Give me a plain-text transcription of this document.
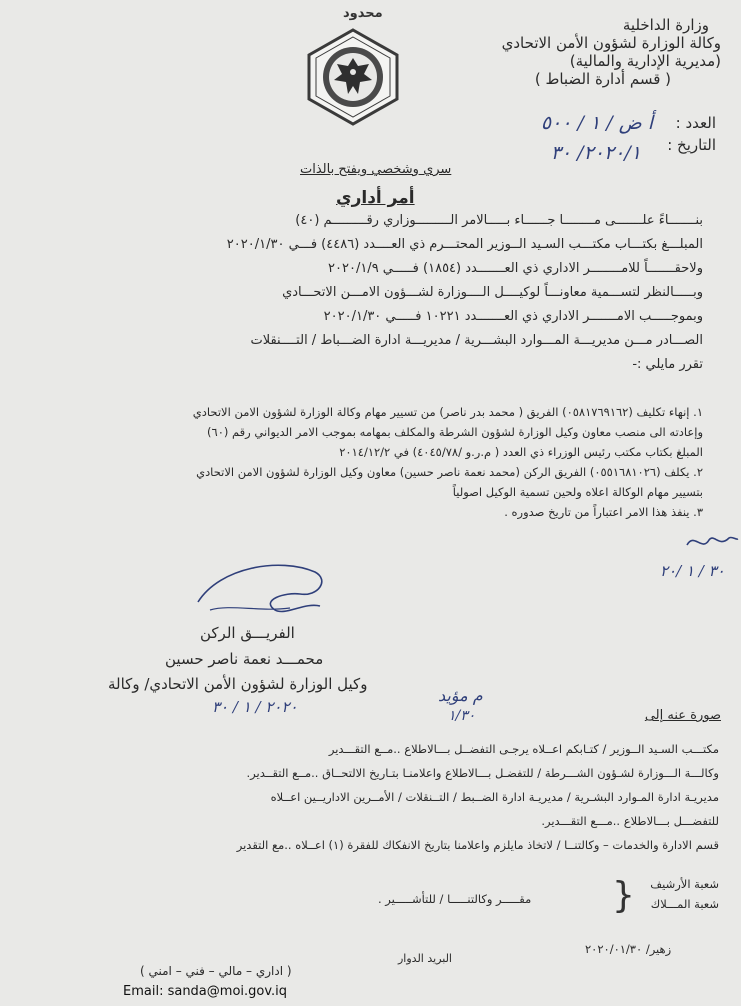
وزارة الداخلية
وكالة الوزارة لشؤون الأمن الاتحادي
(مديرية الإدارية والمالية)
( قسم أدارة الضباط )
العدد :
أ ض / ١ / ٥٠٠
التاريخ :
٢٠٢٠/١/ ٣٠
محدود
سري وشخصي ويفتح بالذات
أمر أداري
بنـــــــاءً علـــــــى مــــــــا جــــــاء بـــــالامر الـــــــــوزاري رقـــــــــم (٤٠)
المبلـــغ بكتـــاب مكتـــب السـيد الــوزير المحتـــرم ذي العــــدد (٤٤٨٦) فـــي ٢٠٢٠/١/٣٠
ولاحقـــــــاً للامــــــــر الاداري ذي العـــــــدد (١٨٥٤) فـــــي ٢٠٢٠/١/٩
وبـــــالنظر لتســـمية معاونـــاً لوكيــــل الــــوزارة لشـــؤون الامـــن الاتحـــادي
وبموجـــــب الامـــــــر الاداري ذي العـــــــدد ١٠٢٢١ فـــــي ٢٠٢٠/١/٣٠
الصـــادر مـــن مديريـــة المـــوارد البشـــرية / مديريـــة ادارة الضـــباط / التــــنقلات
تقرر مايلي :-
١. إنهاء تكليف (٠٥٨١٧٦٩١٦٢) الفريق ( محمد بدر ناصر) من تسيير مهام وكالة الوزارة لشؤون الامن الاتحادي
وإعادته الى منصب معاون وكيل الوزارة لشؤون الشرطة والمكلف بمهامه بموجب الامر الديواني رقم (٦٠)
المبلغ بكتاب مكتب رئيس الوزراء ذي العدد ( م.ر.و /٤٠٤٥/٧٨) في ٢٠١٤/١٢/٢
٢. يكلف (٠٥٥١٦٨١٠٢٦) الفريق الركن (محمد نعمة ناصر حسين) معاون وكيل الوزارة لشؤون الامن الاتحادي
بتسيير مهام الوكالة اعلاه ولحين تسمية الوكيل اصولياً
٣. ينفذ هذا الامر اعتباراً من تاريخ صدوره .
٣٠ / ١ /٢٠
الفريـــق الركن
محمـــد نعمة ناصر حسين
وكيل الوزارة لشؤون الأمن الاتحادي/ وكالة
٢٠٢٠ / ١ / ٣٠
م مؤيد
١/٣٠	صورة عنه إلى
مكتـــب السـيد الــوزير / كتـابكم اعــلاه يرجـى التفضــل بـــالاطلاع ..مــع التقـــدير
وكالـــة الـــوزارة لشـؤون الشـــرطة / للتفضـل بـــالاطلاع واعلامنـا بتـاريخ الالتحــاق ..مــع التقــدير.
مديريـة ادارة المـوارد البشـرية / مديريـة ادارة الضــبط / التــنقلات / الأمــرين الاداريــين اعــلاه
للتفضـــل بـــالاطلاع ..مـــع التقـــدير.
قسم الادارة والخدمات – وكالتنــا / لاتخاذ مايلزم واعلامنا بتاريخ الانفكاك للفقرة (١) اعــلاه ..مع التقدير
شعبة الأرشيف
شعبة المـــلاك
}
مقـــــر وكالتنـــــا / للتأشـــــير .
البريد الدوار
زهير/ ٢٠٢٠/٠١/٣٠
( اداري – مالي – فني – امني )
Email: sanda@moi.gov.iq
